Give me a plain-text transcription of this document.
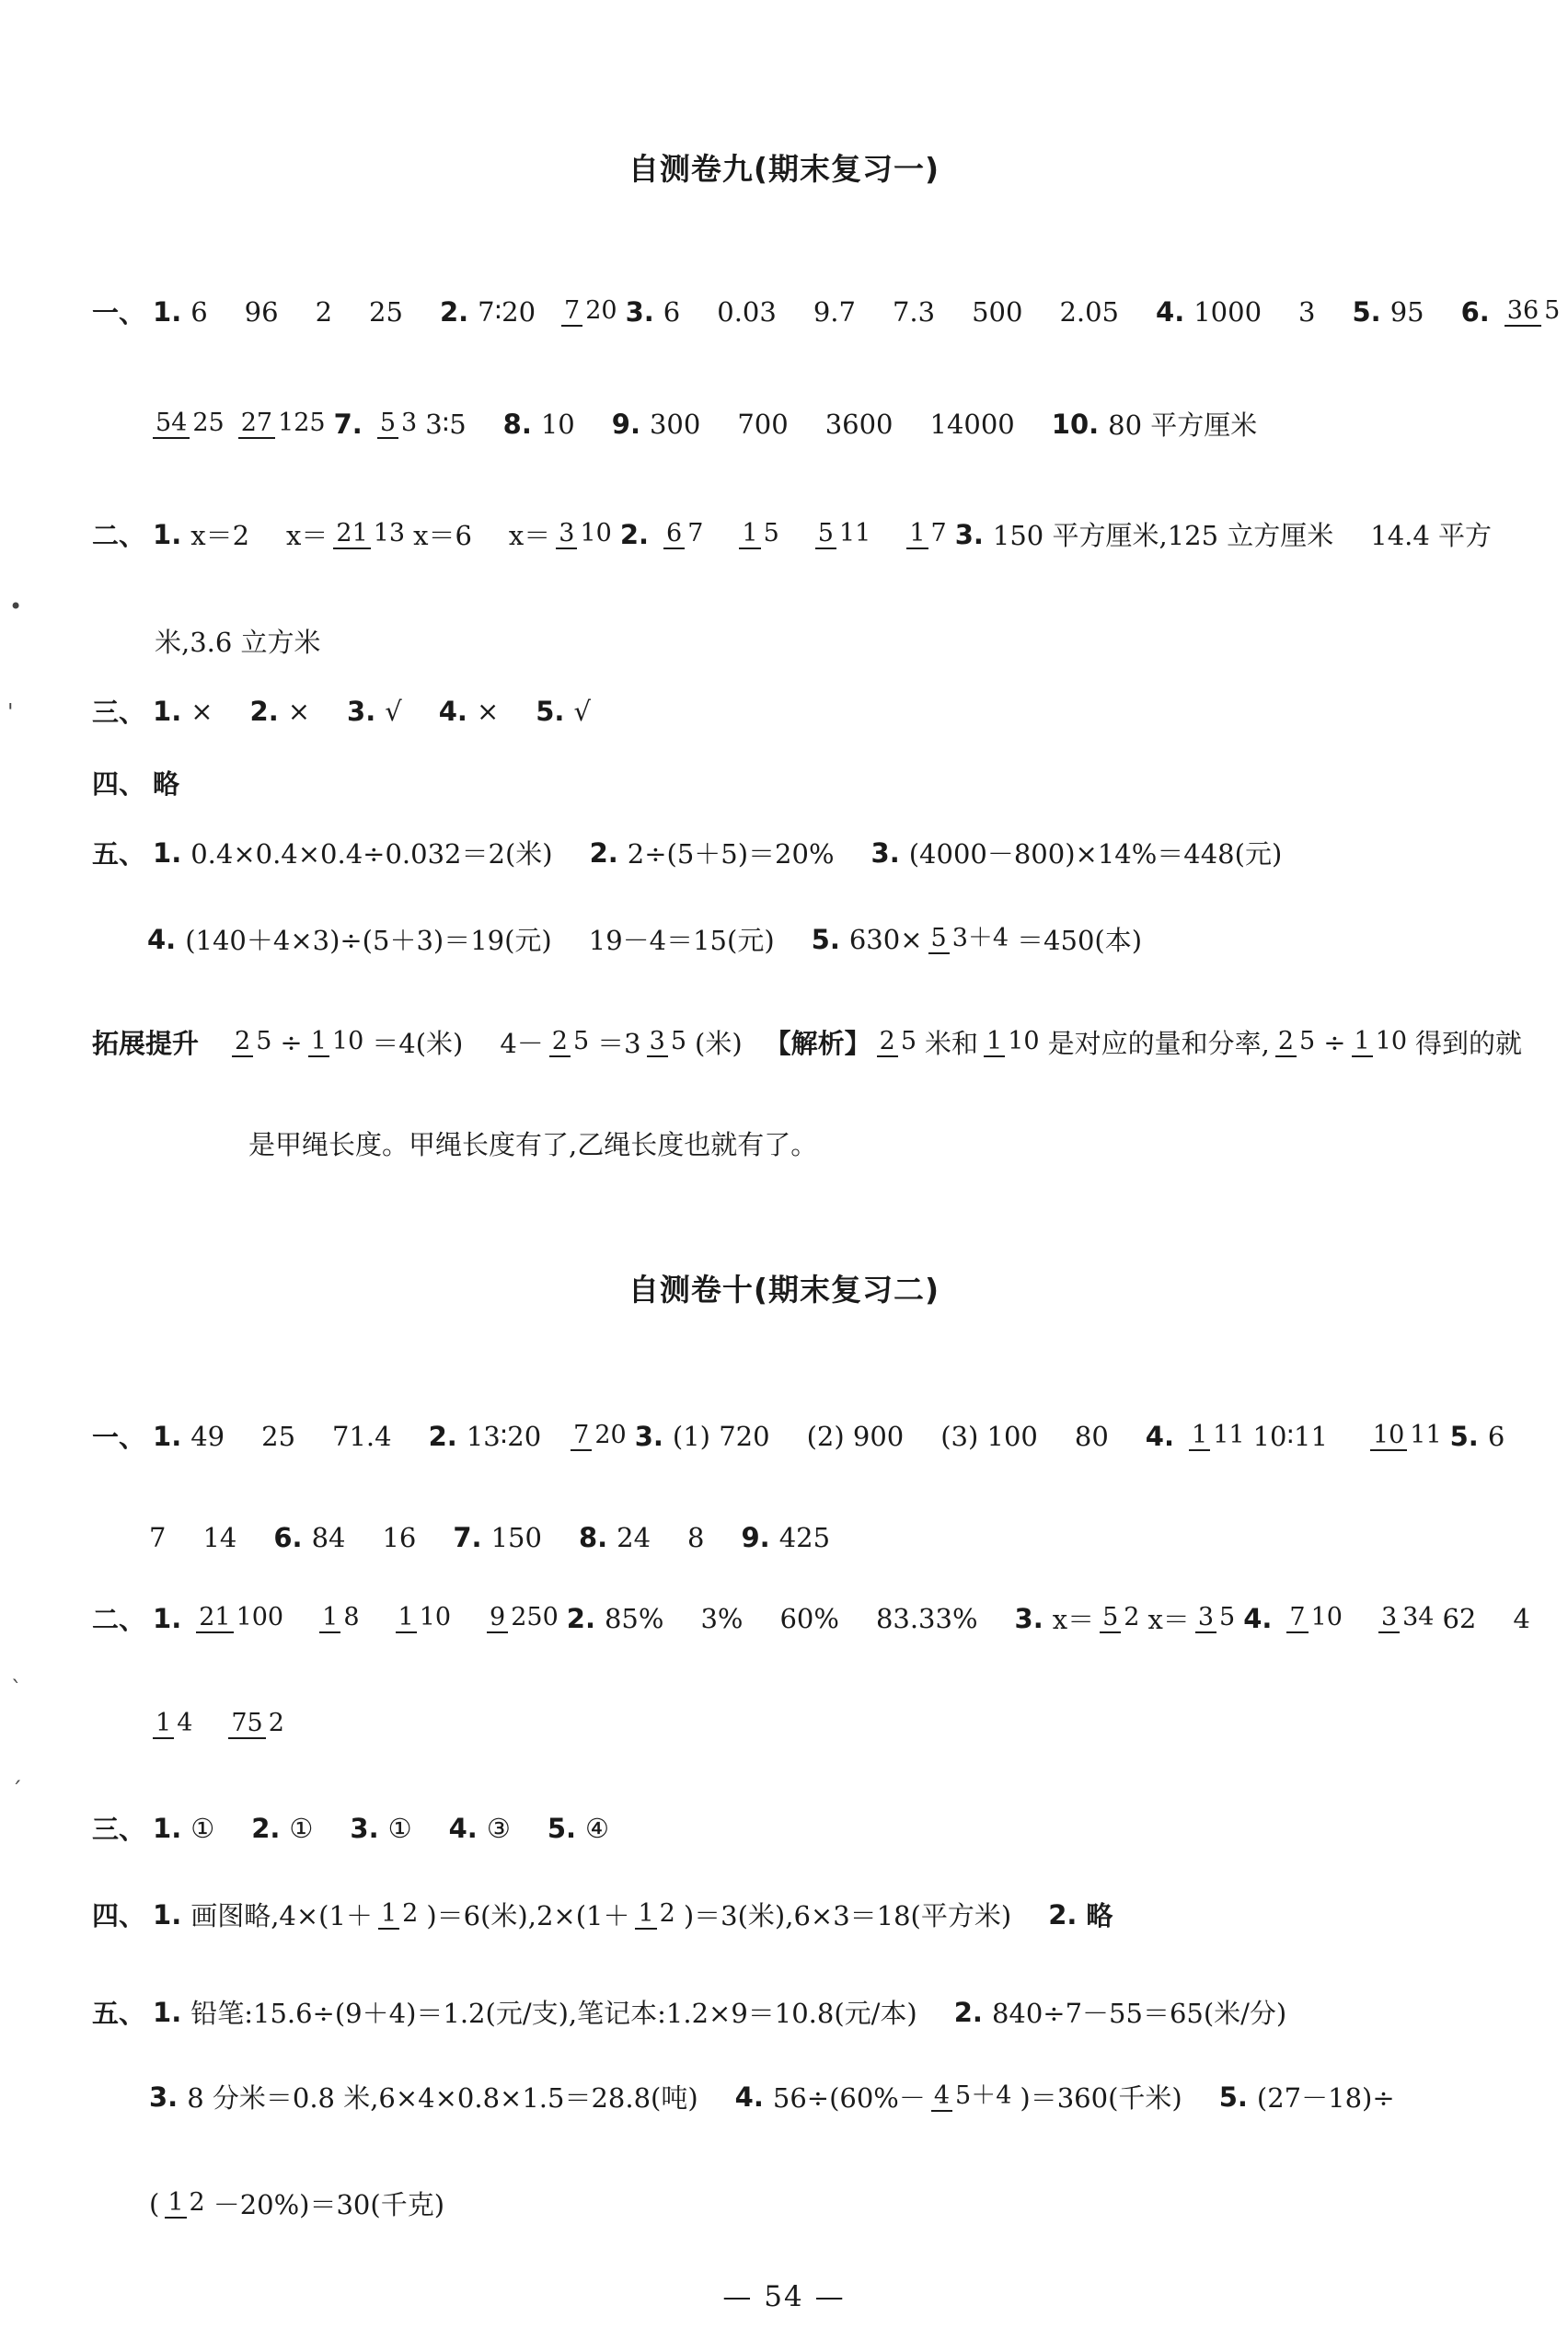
自测卷九(期末复习一)
一、 1. 6 96 2 25 2. 7∶20 7 20 3. 6 0.03 9.7 7.3 500 2.05 4. 1000 3 5. 95 6. 36 5
54 25 27 125 7. 5 3 3∶5 8. 10 9. 300 700 3600 14000 10. 80 平方厘米
二、 1. x＝2 x＝ 21 13 x＝6 x＝ 3 10 2. 6 7 1 5 5 11 1 7 3. 150 平方厘米,125 立方厘米 14.4 平方
米,3.6 立方米
三、 1. × 2. × 3. √ 4. × 5. √
四、 略
五、 1. 0.4×0.4×0.4÷0.032＝2(米) 2. 2÷(5＋5)＝20% 3. (4000－800)×14%＝448(元)
4. (140＋4×3)÷(5＋3)＝19(元) 19－4＝15(元) 5. 630× 5 3＋4 ＝450(本)
拓展提升 2 5 ÷ 1 10 ＝4(米) 4－ 2 5 ＝3 3 5 (米) 【解析】 2 5 米和 1 10 是对应的量和分率, 2 5 ÷ 1 10 得到的就
是甲绳长度。甲绳长度有了,乙绳长度也就有了。
自测卷十(期末复习二)
一、 1. 49 25 71.4 2. 13∶20 7 20 3. (1) 720 (2) 900 (3) 100 80 4. 1 11 10∶11 10 11 5. 6
7 14 6. 84 16 7. 150 8. 24 8 9. 425
二、 1. 21 100 1 8 1 10 9 250 2. 85% 3% 60% 83.33% 3. x＝ 5 2 x＝ 3 5 4. 7 10 3 34 62 4
1 4 75 2
三、 1. ① 2. ① 3. ① 4. ③ 5. ④
四、 1. 画图略,4×(1＋ 1 2 )＝6(米),2×(1＋ 1 2 )＝3(米),6×3＝18(平方米) 2. 略
五、 1. 铅笔:15.6÷(9＋4)＝1.2(元/支),笔记本:1.2×9＝10.8(元/本) 2. 840÷7－55＝65(米/分)
3. 8 分米＝0.8 米,6×4×0.8×1.5＝28.8(吨) 4. 56÷(60%－ 4 5＋4 )＝360(千米) 5. (27－18)÷
( 1 2 －20%)＝30(千克)
— 54 —
•
'
ˋ
ˊ
